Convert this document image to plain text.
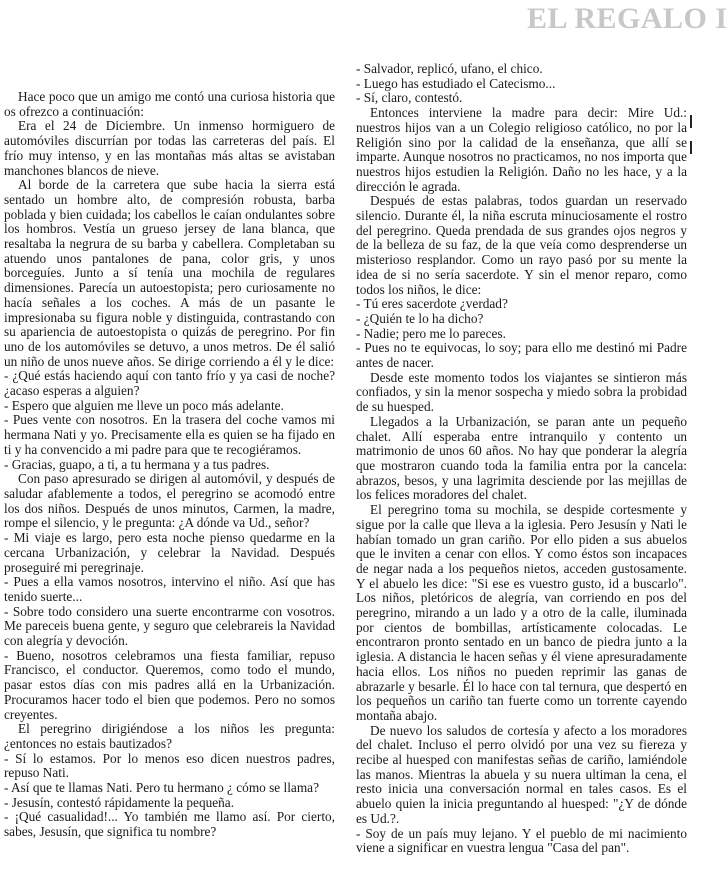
EL REGALO I

Hace poco que un amigo me contó una curiosa historia que os ofrezco a continuación:

Era el 24 de Diciembre. Un inmenso hormiguero de automóviles discurrían por todas las carreteras del país. El frío muy intenso, y en las montañas más altas se avistaban manchones blancos de nieve.

Al borde de la carretera que sube hacia la sierra está sentado un hombre alto, de compresión robusta, barba poblada y bien cuidada; los cabellos le caían ondulantes sobre los hombros. Vestía un grueso jersey de lana blanca, que resaltaba la negrura de su barba y cabellera. Completaban su atuendo unos pantalones de pana, color gris, y unos borceguíes. Junto a sí tenía una mochila de regulares dimensiones. Parecía un autoestopista; pero curiosamente no hacía señales a los coches. A más de un pasante le impresionaba su figura noble y distinguida, contrastando con su apariencia de autoestopista o quizás de peregrino. Por fin uno de los automóviles se detuvo, a unos metros. De él salió un niño de unos nueve años. Se dirige corriendo a él y le dice:

- ¿Qué estás haciendo aquí con tanto frío y ya casi de noche? ¿acaso esperas a alguien?

- Espero que alguien me lleve un poco más adelante.

- Pues vente con nosotros. En la trasera del coche vamos mi hermana Nati y yo. Precisamente ella es quien se ha fijado en ti y ha convencido a mi padre para que te recogiéramos.

- Gracias, guapo, a ti, a tu hermana y a tus padres.

Con paso apresurado se dirigen al automóvil, y después de saludar afablemente a todos, el peregrino se acomodó entre los dos niños. Después de unos minutos, Carmen, la madre, rompe el silencio, y le pregunta: ¿A dónde va Ud., señor?

- Mi viaje es largo, pero esta noche pienso quedarme en la cercana Urbanización, y celebrar la Navidad. Después proseguiré mi peregrinaje.

- Pues a ella vamos nosotros, intervino el niño. Así que has tenido suerte...

- Sobre todo considero una suerte encontrarme con vosotros. Me pareceis buena gente, y seguro que celebrareis la Navidad con alegría y devoción.

- Bueno, nosotros celebramos una fiesta familiar, repuso Francisco, el conductor. Queremos, como todo el mundo, pasar estos días con mis padres allá en la Urbanización. Procuramos hacer todo el bien que podemos. Pero no somos creyentes.

El peregrino dirigiéndose a los niños les pregunta: ¿entonces no estais bautizados?

- Sí lo estamos. Por lo menos eso dicen nuestros padres, repuso Nati.

- Así que te llamas Nati. Pero tu hermano ¿ cómo se llama?

- Jesusín, contestó rápidamente la pequeña.

- ¡Qué casualidad!... Yo también me llamo así. Por cierto, sabes, Jesusín, que significa tu nombre?

- Salvador, replicó, ufano, el chico.

- Luego has estudiado el Catecismo...

- Sí, claro, contestó.

Entonces interviene la madre para decir: Mire Ud.: nuestros hijos van a un Colegio religioso católico, no por la Religión sino por la calidad de la enseñanza, que allí se imparte. Aunque nosotros no practicamos, no nos importa que nuestros hijos estudien la Religión. Daño no les hace, y a la dirección le agrada.

Después de estas palabras, todos guardan un reservado silencio. Durante él, la niña escruta minuciosamente el rostro del peregrino. Queda prendada de sus grandes ojos negros y de la belleza de su faz, de la que veía como desprenderse un misterioso resplandor. Como un rayo pasó por su mente la idea de si no sería sacerdote. Y sin el menor reparo, como todos los niños, le dice:

- Tú eres sacerdote ¿verdad?

- ¿Quién te lo ha dicho?

- Nadie; pero me lo pareces.

- Pues no te equivocas, lo soy; para ello me destinó mi Padre antes de nacer.

Desde este momento todos los viajantes se sintieron más confiados, y sin la menor sospecha y miedo sobra la probidad de su huesped.

Llegados a la Urbanización, se paran ante un pequeño chalet. Allí esperaba entre intranquilo y contento un matrimonio de unos 60 años. No hay que ponderar la alegría que mostraron cuando toda la familia entra por la cancela: abrazos, besos, y una lagrimita desciende por las mejillas de los felices moradores del chalet.

El peregrino toma su mochila, se despide cortesmente y sigue por la calle que lleva a la iglesia. Pero Jesusín y Nati le habían tomado un gran cariño. Por ello piden a sus abuelos que le inviten a cenar con ellos. Y como éstos son incapaces de negar nada a los pequeños nietos, acceden gustosamente. Y el abuelo les dice: "Si ese es vuestro gusto, id a buscarlo". Los niños, pletóricos de alegría, van corriendo en pos del peregrino, mirando a un lado y a otro de la calle, iluminada por cientos de bombillas, artísticamente colocadas. Le encontraron pronto sentado en un banco de piedra junto a la iglesia. A distancia le hacen señas y él viene apresuradamente hacia ellos. Los niños no pueden reprimir las ganas de abrazarle y besarle. Él lo hace con tal ternura, que despertó en los pequeños un cariño tan fuerte como un torrente cayendo montaña abajo.

De nuevo los saludos de cortesía y afecto a los moradores del chalet. Incluso el perro olvidó por una vez su fiereza y recibe al huesped con manifestas señas de cariño, lamiéndole las manos. Mientras la abuela y su nuera ultiman la cena, el resto inicia una conversación normal en tales casos. Es el abuelo quien la inicia preguntando al huesped: "¿Y de dónde es Ud.?.

- Soy de un país muy lejano. Y el pueblo de mi nacimiento viene a significar en vuestra lengua "Casa del pan".
